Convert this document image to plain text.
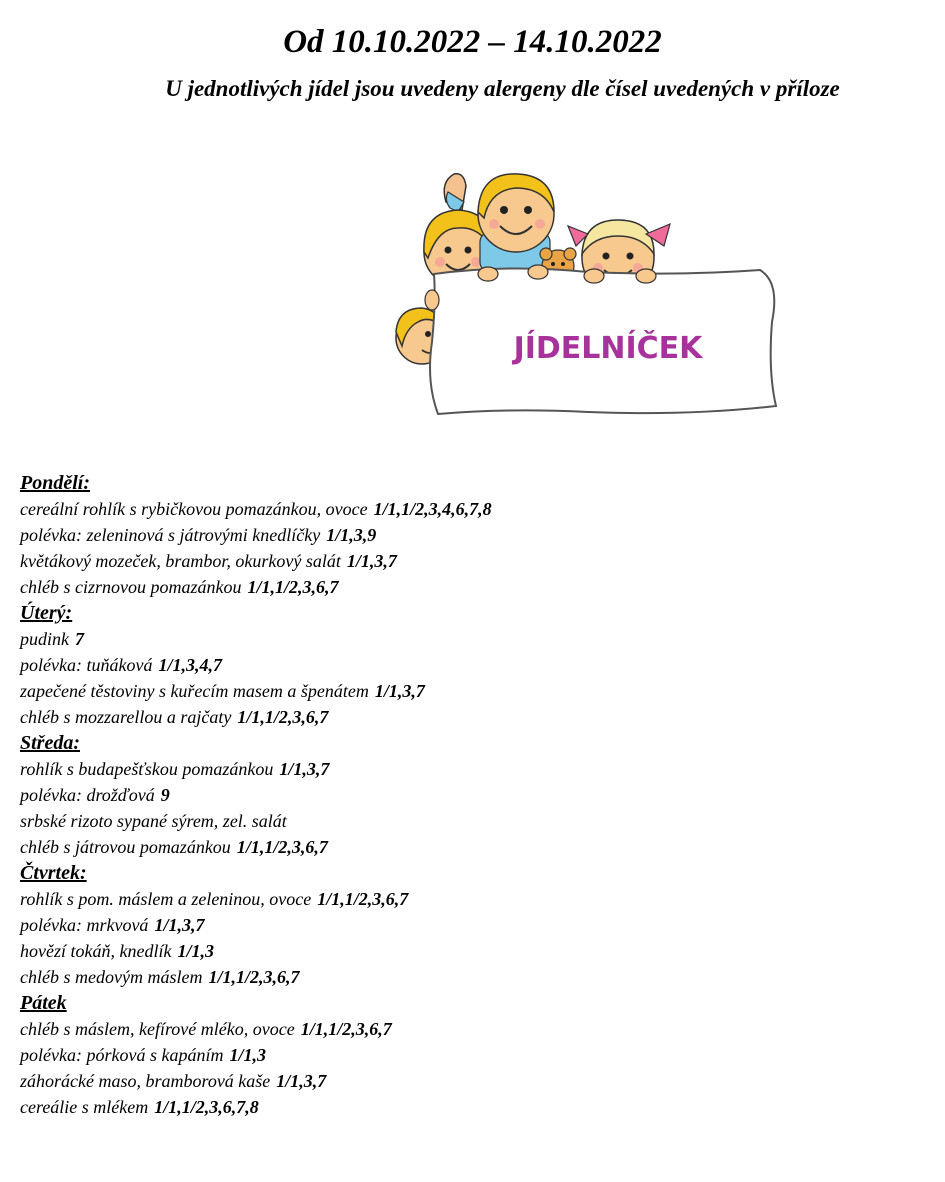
Od 10.10.2022 – 14.10.2022

U jednotlivých jídel jsou uvedeny alergeny dle čísel uvedených v příloze

JÍDELNÍČEK
Pondělí:
cereální rohlík s rybičkovou pomazánkou, ovoce 1/1,1/2,3,4,6,7,8
polévka: zeleninová s játrovými knedlíčky 1/1,3,9
květákový mozeček, brambor, okurkový salát 1/1,3,7
chléb s cizrnovou pomazánkou 1/1,1/2,3,6,7
Úterý:
pudink 7
polévka: tuňáková 1/1,3,4,7
zapečené těstoviny s kuřecím masem a špenátem 1/1,3,7
chléb s mozzarellou a rajčaty 1/1,1/2,3,6,7
Středa:
rohlík s budapešťskou pomazánkou 1/1,3,7
polévka: drožďová 9
srbské rizoto sypané sýrem, zel. salát
chléb s játrovou pomazánkou 1/1,1/2,3,6,7
Čtvrtek:
rohlík s pom. máslem a zeleninou, ovoce 1/1,1/2,3,6,7
polévka: mrkvová 1/1,3,7
hovězí tokáň, knedlík 1/1,3
chléb s medovým máslem 1/1,1/2,3,6,7
Pátek
chléb s máslem, kefírové mléko, ovoce 1/1,1/2,3,6,7
polévka: pórková s kapáním 1/1,3
záhorácké maso, bramborová kaše 1/1,3,7
cereálie s mlékem 1/1,1/2,3,6,7,8
